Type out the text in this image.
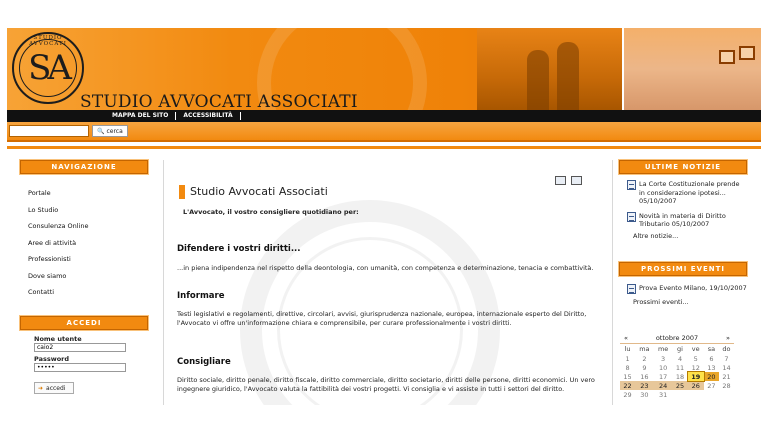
STUDIO AVVOCATI
SA
STUDIO AVVOCATI ASSOCIATI
MAPPA DEL SITO	ACCESSIBILITÀ
🔍 cerca
NAVIGAZIONE
Portale
Lo Studio
Consulenza Online
Aree di attività
Professionisti
Dove siamo
Contatti
ACCEDI
Nome utente
caio2
Password
•••••
➜ accedi
Studio Avvocati Associati
L'Avvocato, il vostro consigliere quotidiano per:
Difendere i vostri diritti...
...in piena indipendenza nel rispetto della deontologia, con umanità, con competenza e determinazione, tenacia e combattività.
Informare
Testi legislativi e regolamenti, direttive, circolari, avvisi, giurisprudenza nazionale, europea, internazionale esperto del Diritto, l'Avvocato vi offre un'informazione chiara e comprensibile, per curare professionalmente i vostri diritti.
Consigliare
Diritto sociale, diritto penale, diritto fiscale, diritto commerciale, diritto societario, diritti delle persone, diritti economici. Un vero ingegnere giuridico, l'Avvocato valuta la fattibilità dei vostri progetti. Vi consiglia e vi assiste in tutti i settori del diritto.
ULTIME NOTIZIE
La Corte Costituzionale prende in considerazione ipotesi... 05/10/2007
Novità in materia di Diritto Tributario 05/10/2007
Altre notizie...
PROSSIMI EVENTI
Prova Evento Milano, 19/10/2007
Prossimi eventi...
«	ottobre 2007	»
lu	ma	me	gi	ve	sa	do
1	2	3	4	5	6	7
8	9	10	11	12	13	14
15	16	17	18	19	20	21
22	23	24	25	26	27	28
29	30	31				
